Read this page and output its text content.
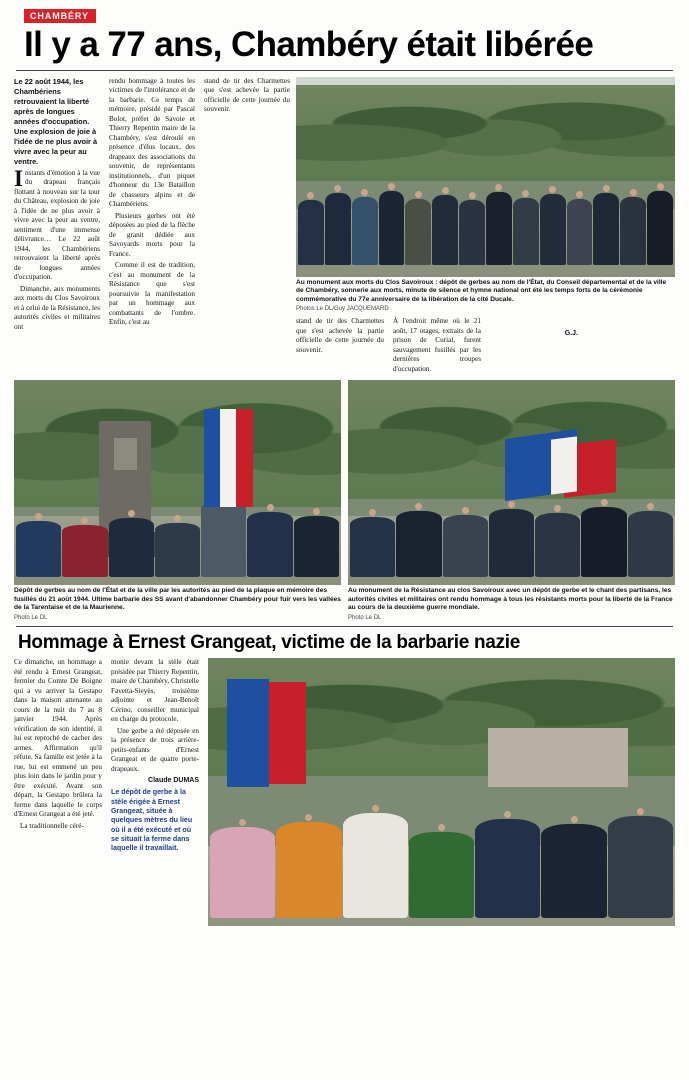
CHAMBÉRY
Il y a 77 ans, Chambéry était libérée

Le 22 août 1944, les Chambériens retrouvaient la liberté après de longues années d'occupation. Une explosion de joie à l'idée de ne plus avoir à vivre avec la peur au ventre.

Instants d'émotion à la vue du drapeau français flottant à nouveau sur la tour du Château, explosion de joie à l'idée de ne plus avoir à vivre avec la peur au ventre, sentiment d'une immense délivrance… Le 22 août 1944, les Chambériens retrouvaient la liberté après de longues années d'occupation.

Dimanche, aux monuments aux morts du Clos Savoiroux et à celui de la Résistance, les autorités civiles et militaires ont

rendu hommage à toutes les victimes de l'intolérance et de la barbarie. Ce temps de mémoire, présidé par Pascal Bolot, préfet de Savoie et Thierry Repentin maire de la Chambéry, s'est déroulé en présence d'élus locaux, des drapeaux des associations du souvenir, de représentants institutionnels, d'un piquet d'honneur du 13e Bataillon de chasseurs alpins et de Chambériens.

Plusieurs gerbes ont été déposées au pied de la flèche de granit dédiée aux Savoyards morts pour la France.

Comme il est de tradition, c'est au monument de la Résistance que s'est poursuivie la manifestation par un hommage aux combattants de l'ombre. Enfin, c'est au

stand de tir des Charmettes que s'est achevée la partie officielle de cette journée du souvenir.

Au monument aux morts du Clos Savoiroux : dépôt de gerbes au nom de l'État, du Conseil départemental et de la ville de Chambéry, sonnerie aux morts, minute de silence et hymne national ont été les temps forts de la cérémonie commémorative du 77e anniversaire de la libération de la cité Ducale.
Photos Le DL/Guy JACQUEMARD

stand de tir des Charmettes que s'est achevée la partie officielle de cette journée du souvenir.

À l'endroit même où le 21 août, 17 otages, extraits de la prison de Curial, furent sauvagement fusillés par les dernières troupes d'occupation.

G.J.
Dépôt de gerbes au nom de l'État et de la ville par les autorités au pied de la plaque en mémoire des fusillés du 21 août 1944. Ultime barbarie des SS avant d'abandonner Chambéry pour fuir vers les vallées de la Tarentaise et de la Maurienne.
Photo Le DL
Au monument de la Résistance au clos Savoiroux avec un dépôt de gerbe et le chant des partisans, les autorités civiles et militaires ont rendu hommage à tous les résistants morts pour la liberté de la France au cours de la deuxième guerre mondiale.
Photo Le DL
Hommage à Ernest Grangeat, victime de la barbarie nazie

Ce dimanche, un hommage a été rendu à Ernest Grangeat, fermier du Comte De Boigne qui a vu arriver la Gestapo dans la maison attenante au cours de la nuit du 7 au 8 janvier 1944. Après vérification de son identité, il lui est reproché de cacher des armes. Affirmation qu'il réfute. Sa famille est jetée à la rue, lui est emmené un peu plus loin dans le jardin pour y être exécuté. Avant son départ, la Gestapo brûlera la ferme dans laquelle le corps d'Ernest Grangeat a été jeté.

La traditionnelle céré-

monie devant la stèle était présidée par Thierry Repentin, maire de Chambéry, Christelle Favetta-Sieyès, troisième adjointe et Jean-Benoît Cérino, conseiller municipal en charge du protocole.

Une gerbe a été déposée en la présence de trois arrière-petits-enfants d'Ernest Grangeat et de quatre porte-drapeaux.

Claude DUMAS
Le dépôt de gerbe à la stèle érigée à Ernest Grangeat, située à quelques mètres du lieu où il a été exécuté et où se situait la ferme dans laquelle il travaillait.
